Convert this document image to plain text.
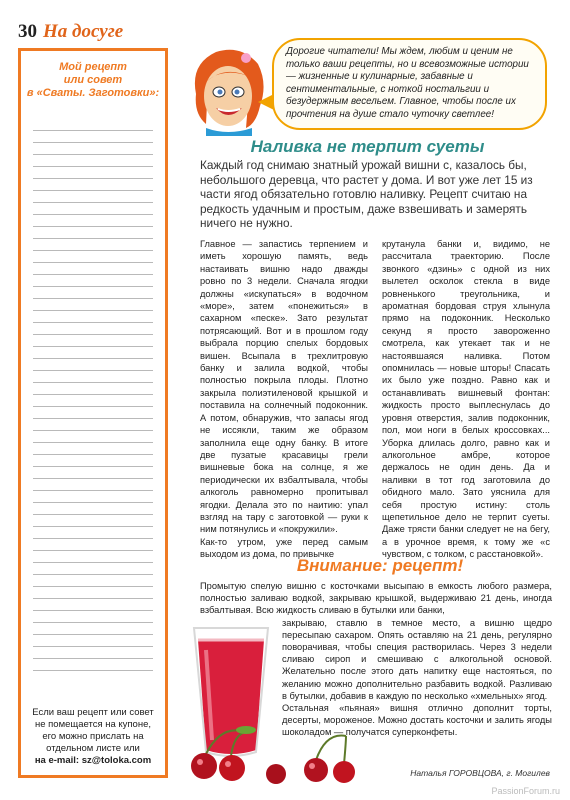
30 На досуге
Мой рецепт
или совет
в «Сваты. Заготовки»:
Если ваш рецепт или совет
не помещается на купоне,
его можно прислать на
отдельном листе или
на e-mail: sz@toloka.com
Дорогие читатели! Мы ждем, любим и ценим не только ваши рецепты, но и всевозможные истории — жизненные и кулинарные, забавные и сентиментальные, с ноткой ностальгии и безудержным весельем. Главное, чтобы после их прочтения на душе стало чуточку светлее!
Наливка не терпит суеты
Каждый год снимаю знатный урожай вишни с, казалось бы, небольшого деревца, что растет у дома. И вот уже лет 15 из части ягод обязательно готовлю наливку. Рецепт считаю на редкость удачным и простым, даже взвешивать и замерять ничего не нужно.

Главное — запастись терпением и иметь хорошую память, ведь настаивать вишню надо дважды ровно по 3 недели. Сначала ягодки должны «искупаться» в водочном «море», затем «понежиться» в сахарном «песке». Зато результат потрясающий. Вот и в прошлом году выбрала порцию спелых бордовых вишен. Всыпала в трехлитровую банку и залила водкой, чтобы полностью покрыла плоды. Плотно закрыла полиэтиленовой крышкой и поставила на солнечный подоконник. А потом, обнаружив, что запасы ягод не иссякли, таким же образом заполнила еще одну банку. В итоге две пузатые красавицы грели вишневые бока на солнце, я же периодически их взбалтывала, чтобы алкоголь равномерно пропитывал ягодки. Делала это по наитию: упал взгляд на тару с заготовкой — руки к ним потянулись и «покружили».

Как-то утром, уже перед самым выходом из дома, по привычке

крутанула банки и, видимо, не рассчитала траекторию. После звонкого «дзинь» с одной из них вылетел осколок стекла в виде ровненького треугольника, и ароматная бордовая струя хлынула прямо на подоконник. Несколько секунд я просто завороженно смотрела, как утекает так и не настоявшаяся наливка. Потом опомнилась — новые шторы! Спасать их было уже поздно. Равно как и останавливать вишневый фонтан: жидкость просто выплеснулась до уровня отверстия, залив подоконник, пол, мои ноги в белых кроссовках... Уборка длилась долго, равно как и алкогольное амбре, которое держалось не один день. Да и наливки в тот год заготовила до обидного мало. Зато уяснила для себя простую истину: столь щепетильное дело не терпит суеты. Даже трясти банки следует не на бегу, а в урочное время, к тому же «с чувством, с толком, с расстановкой».

Внимание: рецепт!
Промытую спелую вишню с косточками высыпаю в емкость любого размера, полностью заливаю водкой, закрываю крышкой, выдерживаю 21 день, иногда взбалтывая. Всю жидкость сливаю в бутылки или банки,
закрываю, ставлю в темное место, а вишню щедро пересыпаю сахаром. Опять оставляю на 21 день, регулярно поворачивая, чтобы специя растворилась. Через 3 недели сливаю сироп и смешиваю с алкогольной основой. Желательно после этого дать напитку еще настояться, по желанию можно дополнительно разбавить водкой. Разливаю в бутылки, добавив в каждую по несколько «хмельных» ягод.
Остальная «пьяная» вишня отлично дополнит торты, десерты, мороженое. Можно достать косточки и залить ягоды шоколадом — получатся суперконфеты.
Наталья ГОРОВЦОВА, г. Могилев
PassionForum.ru
